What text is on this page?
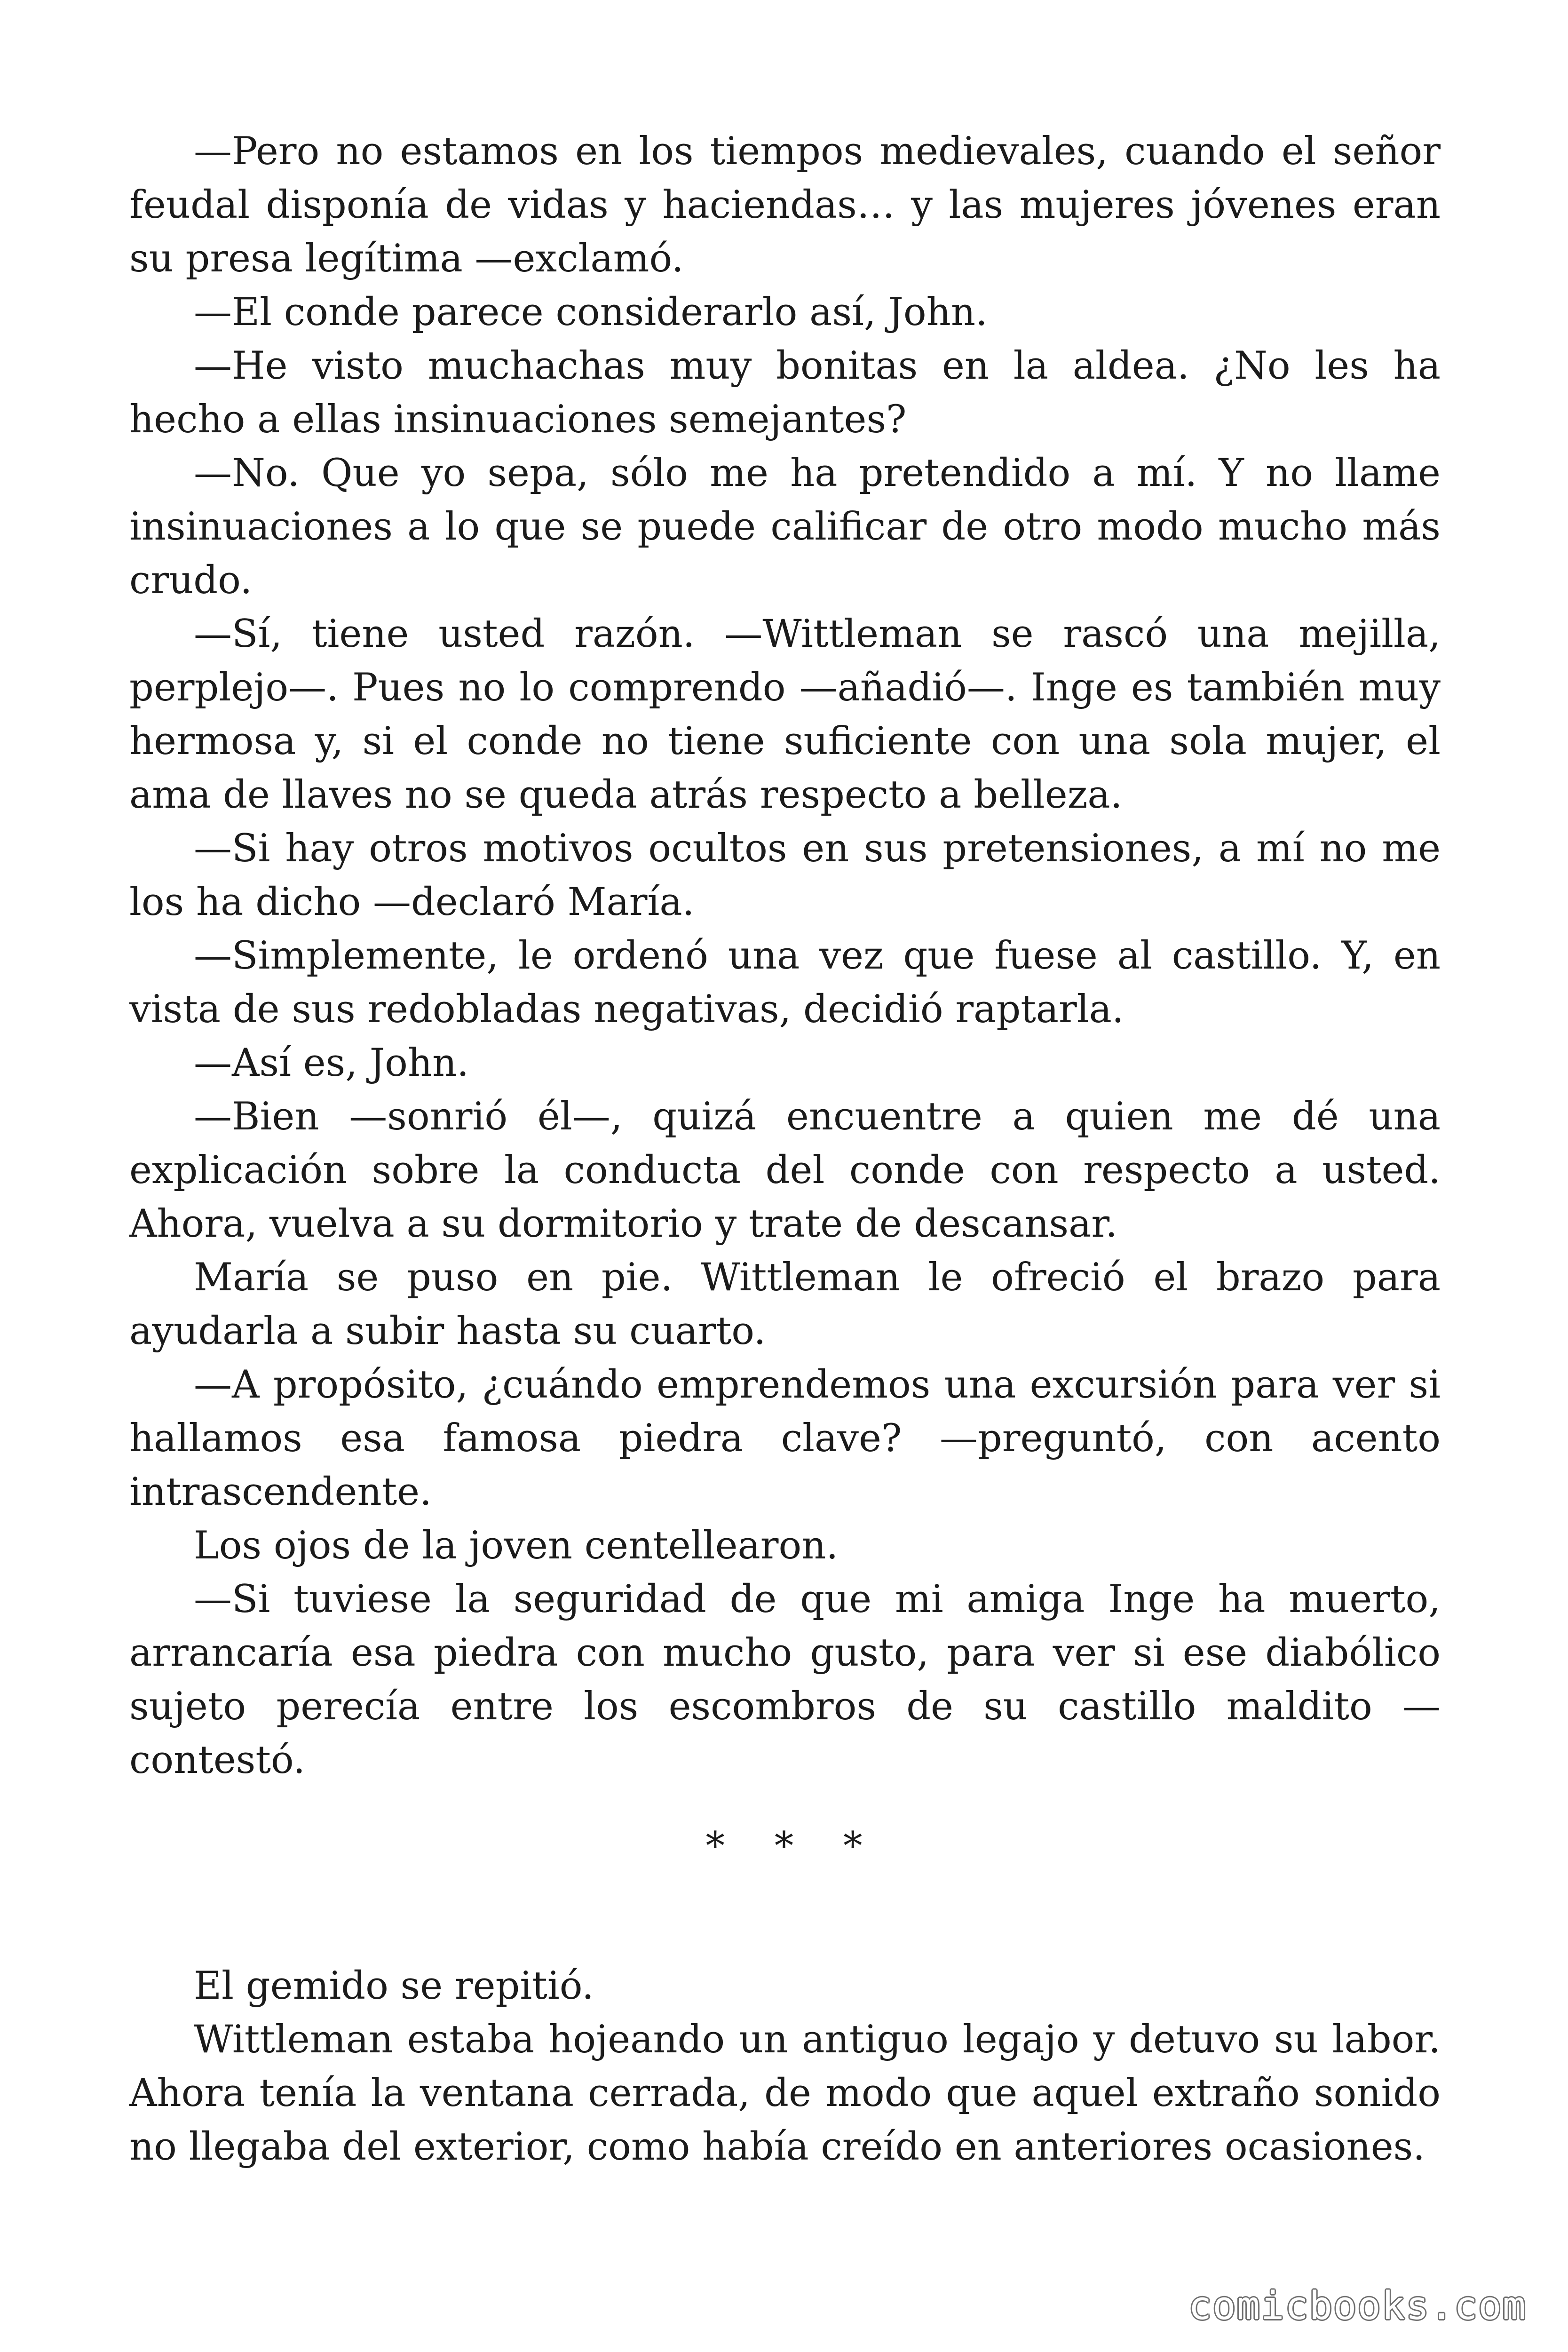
—Pero no estamos en los tiempos medievales, cuando el señor feudal disponía de vidas y haciendas… y las mujeres jóvenes eran su presa legítima —exclamó.

—El conde parece considerarlo así, John.

—He visto muchachas muy bonitas en la aldea. ¿No les ha hecho a ellas insinuaciones semejantes?

—No. Que yo sepa, sólo me ha pretendido a mí. Y no llame insinuaciones a lo que se puede calificar de otro modo mucho más crudo.

—Sí, tiene usted razón. —Wittleman se rascó una mejilla, perplejo—. Pues no lo comprendo —añadió—. Inge es también muy hermosa y, si el conde no tiene suficiente con una sola mujer, el ama de llaves no se queda atrás respecto a belleza.

—Si hay otros motivos ocultos en sus pretensiones, a mí no me los ha dicho —declaró María.

—Simplemente, le ordenó una vez que fuese al castillo. Y, en vista de sus redobladas negativas, decidió raptarla.

—Así es, John.

—Bien —sonrió él—, quizá encuentre a quien me dé una explicación sobre la conducta del conde con respecto a usted. Ahora, vuelva a su dormitorio y trate de descansar.

María se puso en pie. Wittleman le ofreció el brazo para ayudarla a subir hasta su cuarto.

—A propósito, ¿cuándo emprendemos una excursión para ver si hallamos esa famosa piedra clave? —preguntó, con acento intrascendente.

Los ojos de la joven centellearon.

—Si tuviese la seguridad de que mi amiga Inge ha muerto, arrancaría esa piedra con mucho gusto, para ver si ese diabólico sujeto perecía entre los escombros de su castillo maldito —contestó.

* * *

El gemido se repitió.

Wittleman estaba hojeando un antiguo legajo y detuvo su labor. Ahora tenía la ventana cerrada, de modo que aquel extraño sonido no llegaba del exterior, como había creído en anteriores ocasiones.

comicbooks.com
